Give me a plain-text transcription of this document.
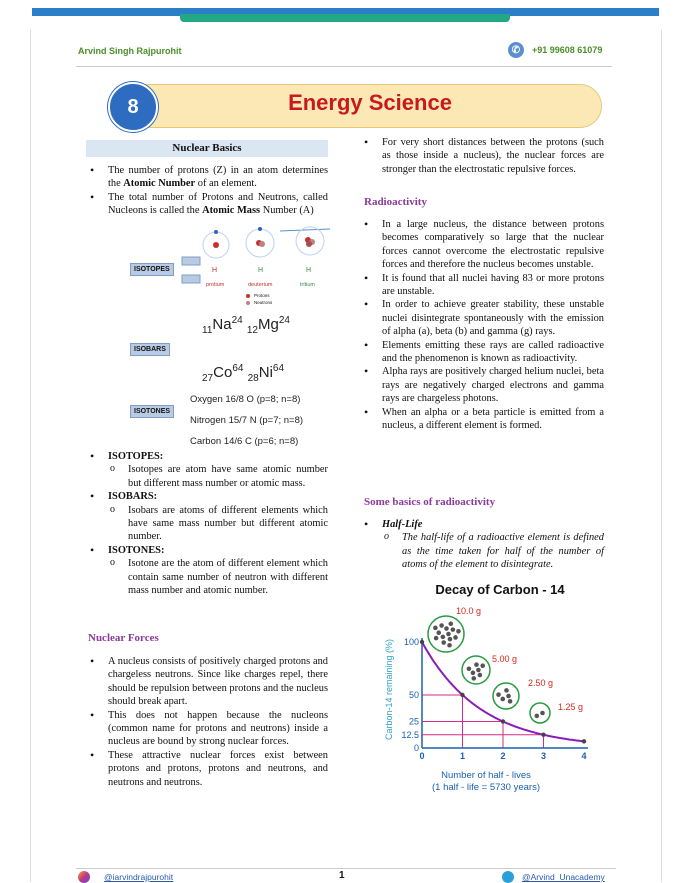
Arvind Singh Rajpurohit	✆	+91 99608 61079
8	Energy Science
Nuclear Basics
• The number of protons (Z) in an atom determines the Atomic Number of an element.
• The total number of Protons and Neutrons, called Nucleons is called the Atomic Mass Number (A)
H	H	H
ISOTOPES
protium	deuterium	tritium
Protons
Neutrons
$_{11}Na^{24}$ $_{12}Mg^{24}$
ISOBARS
$_{27}Co^{64}$ $_{28}Ni^{64}$
ISOTONES
Oxygen 16/8 O (p=8; n=8)
Nitrogen 15/7 N (p=7; n=8)
Carbon 14/6 C (p=6; n=8)
• ISOTOPES:
o Isotopes are atom have same atomic number but different mass number or atomic mass.
• ISOBARS:
o Isobars are atoms of different elements which have same mass number but different atomic number.
• ISOTONES:
o Isotone are the atom of different element which contain same number of neutron with different mass number and atomic number.
Nuclear Forces
• A nucleus consists of positively charged protons and chargeless neutrons. Since like charges repel, there should be repulsion between protons and the nucleus should break apart.
• This does not happen because the nucleons (common name for protons and neutrons) inside a nucleus are bound by strong nuclear forces.
• These attractive nuclear forces exist between protons and protons, protons and neutrons, and neutrons and neutrons.
• For very short distances between the protons (such as those inside a nucleus), the nuclear forces are stronger than the electrostatic repulsive forces.
Radioactivity
• In a large nucleus, the distance between protons becomes comparatively so large that the nuclear forces cannot overcome the electrostatic repulsive forces and therefore the nucleus becomes unstable.
• It is found that all nuclei having 83 or more protons are unstable.
• In order to achieve greater stability, these unstable nuclei disintegrate spontaneously with the emission of alpha (a), beta (b) and gamma (g) rays.
• Elements emitting these rays are called radioactive and the phenomenon is known as radioactivity.
• Alpha rays are positively charged helium nuclei, beta rays are negatively charged electrons and gamma rays are chargeless photons.
• When an alpha or a beta particle is emitted from a nucleus, a different element is formed.
Some basics of radioactivity
• Half-Life
o The half-life of a radioactive element is defined as the time taken for half of the number of atoms of the element to disintegrate.
Decay of Carbon - 14
0	1	2	3	4
0
12.5
25
50
100
10.0 g
5.00 g
2.50 g
1.25 g
Number of half - lives
(1 half - life = 5730 years)
Carbon-14 remaining (%)
@iarvindrajpurohit	1	@Arvind_Unacademy
